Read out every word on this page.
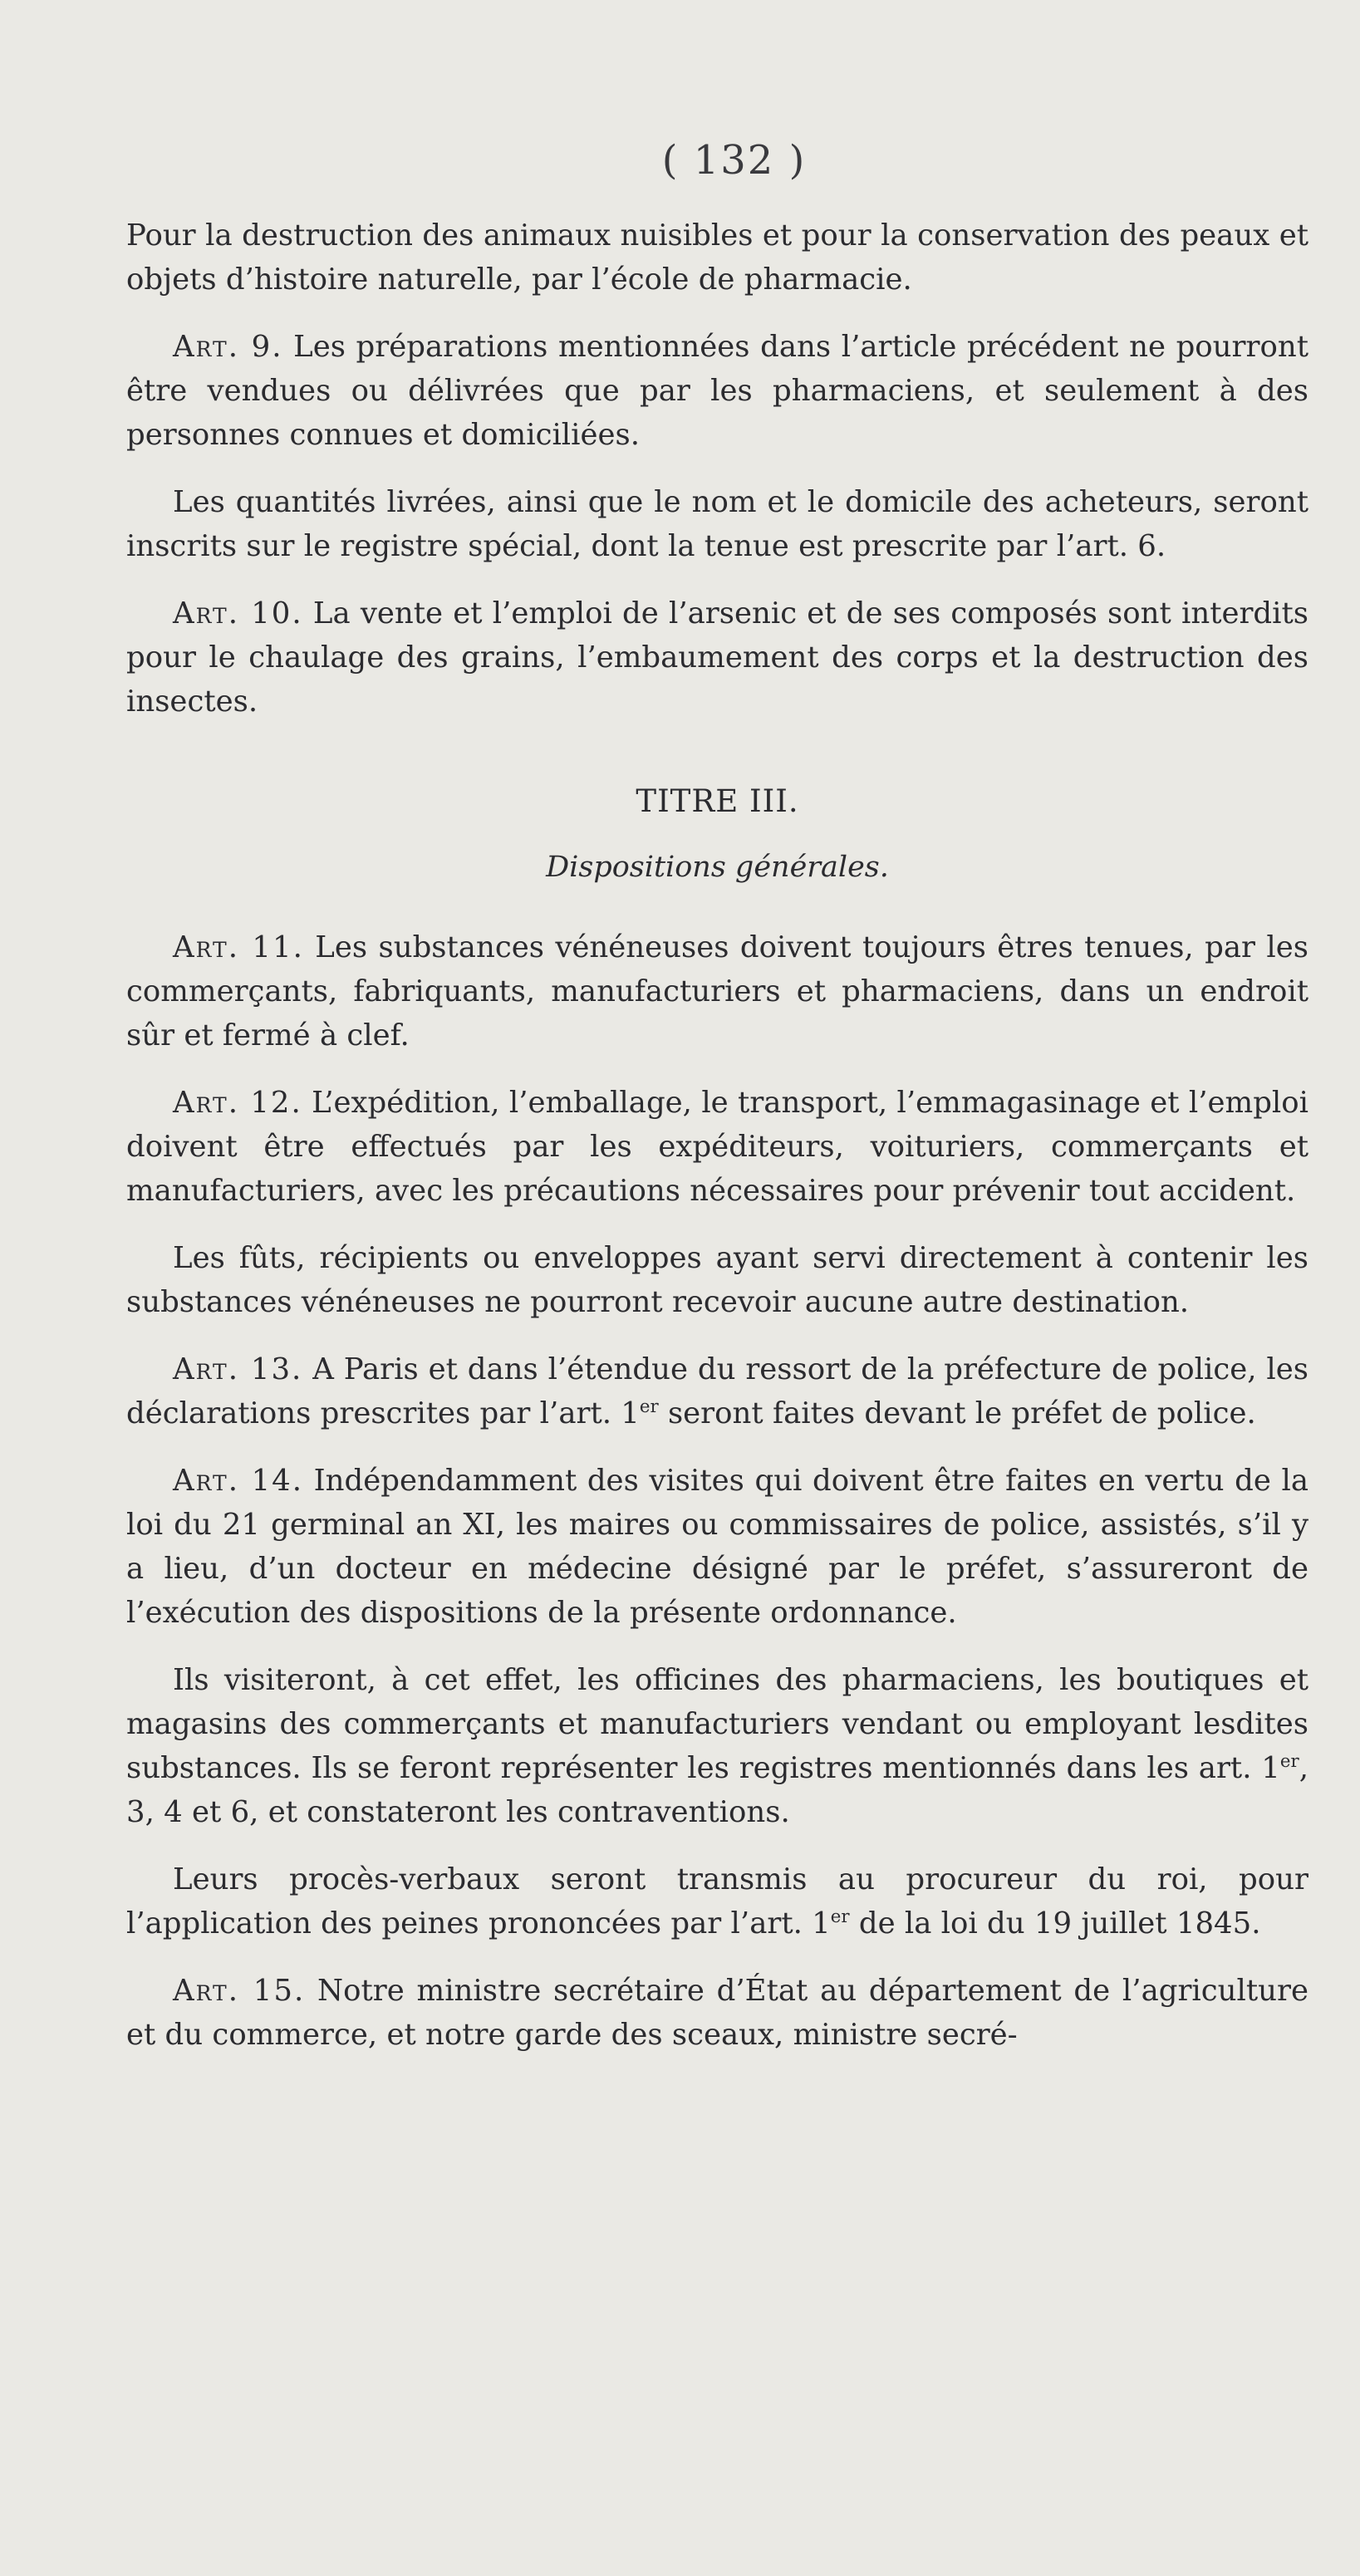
( 132 )

Pour la destruction des animaux nuisibles et pour la conservation des peaux et objets d’histoire naturelle, par l’école de pharmacie.

Art. 9. Les préparations mentionnées dans l’article précédent ne pourront être vendues ou délivrées que par les pharmaciens, et seulement à des personnes connues et domiciliées.

Les quantités livrées, ainsi que le nom et le domicile des acheteurs, seront inscrits sur le registre spécial, dont la tenue est prescrite par l’art. 6.

Art. 10. La vente et l’emploi de l’arsenic et de ses composés sont interdits pour le chaulage des grains, l’embaumement des corps et la destruction des insectes.

TITRE III.
Dispositions générales.

Art. 11. Les substances vénéneuses doivent toujours êtres tenues, par les commerçants, fabriquants, manufacturiers et pharmaciens, dans un endroit sûr et fermé à clef.

Art. 12. L’expédition, l’emballage, le transport, l’emmagasinage et l’emploi doivent être effectués par les expéditeurs, voituriers, commerçants et manufacturiers, avec les précautions nécessaires pour prévenir tout accident.

Les fûts, récipients ou enveloppes ayant servi directement à contenir les substances vénéneuses ne pourront recevoir aucune autre destination.

Art. 13. A Paris et dans l’étendue du ressort de la préfecture de police, les déclarations prescrites par l’art. 1er seront faites devant le préfet de police.

Art. 14. Indépendamment des visites qui doivent être faites en vertu de la loi du 21 germinal an XI, les maires ou commissaires de police, assistés, s’il y a lieu, d’un docteur en médecine désigné par le préfet, s’assureront de l’exécution des dispositions de la présente ordonnance.

Ils visiteront, à cet effet, les officines des pharmaciens, les boutiques et magasins des commerçants et manufacturiers vendant ou employant lesdites substances. Ils se feront représenter les registres mentionnés dans les art. 1er, 3, 4 et 6, et constateront les contraventions.

Leurs procès-verbaux seront transmis au procureur du roi, pour l’application des peines prononcées par l’art. 1er de la loi du 19 juillet 1845.

Art. 15. Notre ministre secrétaire d’État au département de l’agriculture et du commerce, et notre garde des sceaux, ministre secré-
